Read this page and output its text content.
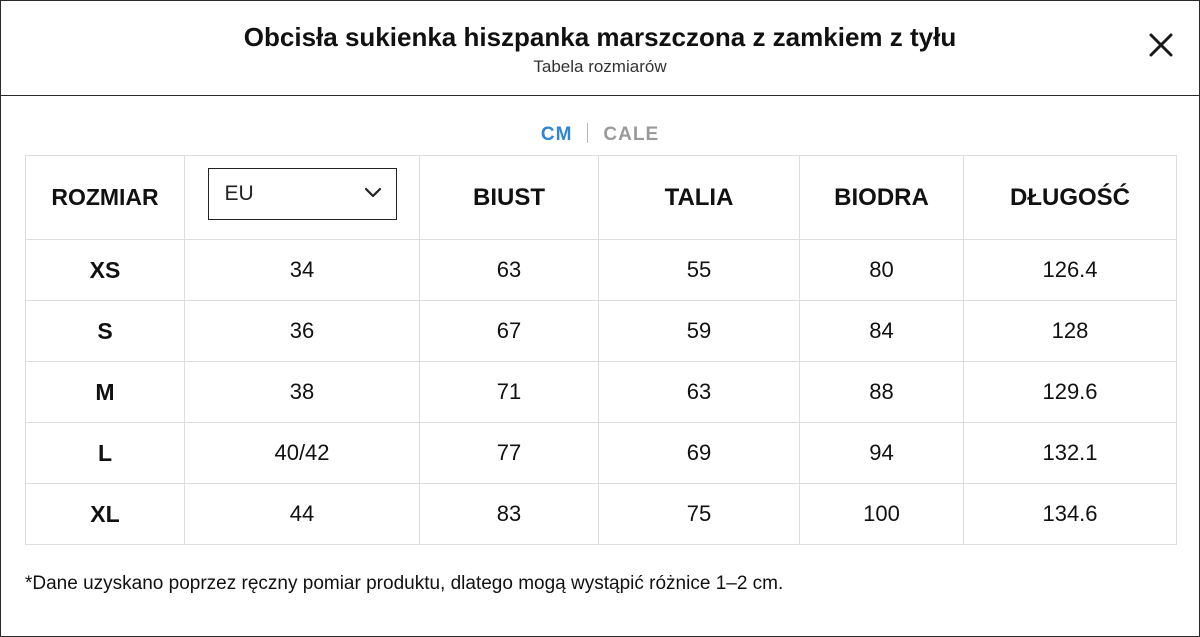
Obcisła sukienka hiszpanka marszczona z zamkiem z tyłu
Tabela rozmiarów
CM CALE
ROZMIAR	EU	BIUST	TALIA	BIODRA	DŁUGOŚĆ
XS	34	63	55	80	126.4
S	36	67	59	84	128
M	38	71	63	88	129.6
L	40/42	77	69	94	132.1
XL	44	83	75	100	134.6
*Dane uzyskano poprzez ręczny pomiar produktu, dlatego mogą wystąpić różnice 1–2 cm.
